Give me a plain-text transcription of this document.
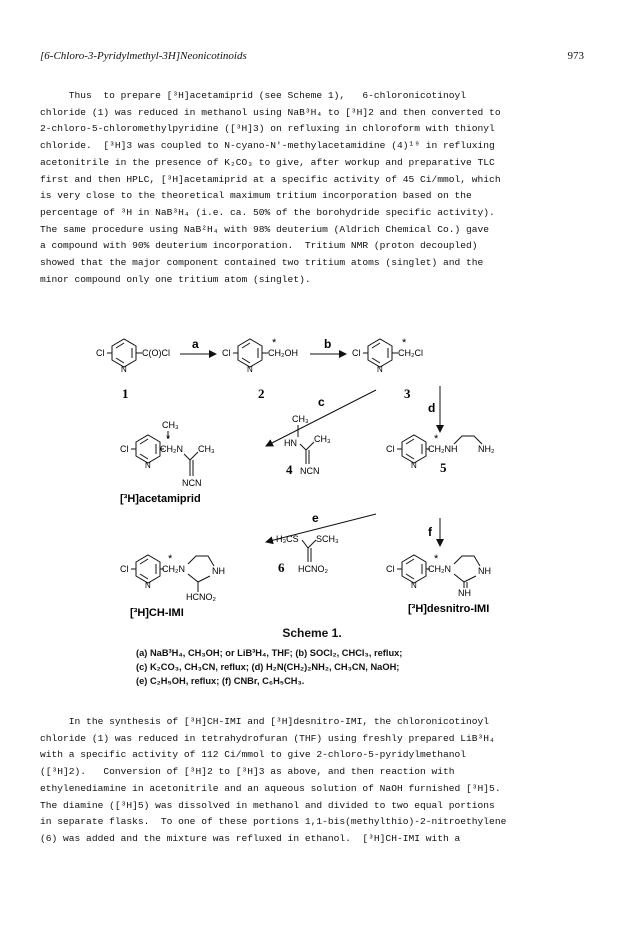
[6-Chloro-3-Pyridylmethyl-3H]Neonicotinoids	973

Thus  to prepare [³H]acetamiprid (see Scheme 1),   6-chloronicotinoyl
chloride (1) was reduced in methanol using NaB³H₄ to [³H]2 and then converted to
2-chloro-5-chloromethylpyridine ([³H]3) on refluxing in chloroform with thionyl
chloride.  [³H]3 was coupled to N-cyano-N'-methylacetamidine (4)¹⁹ in refluxing
acetonitrile in the presence of K₂CO₃ to give, after workup and preparative TLC
first and then HPLC, [³H]acetamiprid at a specific activity of 45 Ci/mmol, which
is very close to the theoretical maximum tritium incorporation based on the
percentage of ³H in NaB³H₄ (i.e. ca. 50% of the borohydride specific activity).
The same procedure using NaB²H₄ with 98% deuterium (Aldrich Chemical Co.) gave
a compound with 90% deuterium incorporation.  Tritium NMR (proton decoupled)
showed that the major component contained two tritium atoms (singlet) and the
minor compound only one tritium atom (singlet).

Cl
N
C(O)Cl
1
a
Cl
N
*
CH₂OH
2
b
Cl
N
*
CH₂Cl
3
c
CH₃
HN CH₃
NCN
4
CH₃
Cl
N
*
CH₂N CH₃
NCN
[³H]acetamiprid
d
Cl
N
*
CH₂NH NH₂
5
e
H₃CS SCH₃
HCNO₂
6
f
Cl
N
*
CH₂N	NH
HCNO₂
[³H]CH-IMI
Cl
N
*
CH₂N	NH
NH
[³H]desnitro-IMI
Scheme 1.
(a) NaB³H₄, CH₃OH; or LiB³H₄, THF; (b) SOCl₂, CHCl₃, reflux;
(c) K₂CO₃, CH₃CN, reflux; (d) H₂N(CH₂)₂NH₂, CH₃CN, NaOH;
(e) C₂H₅OH, reflux; (f) CNBr, C₆H₅CH₃.

In the synthesis of [³H]CH-IMI and [³H]desnitro-IMI, the chloronicotinoyl
chloride (1) was reduced in tetrahydrofuran (THF) using freshly prepared LiB³H₄
with a specific activity of 112 Ci/mmol to give 2-chloro-5-pyridylmethanol
([³H]2).   Conversion of [³H]2 to [³H]3 as above, and then reaction with
ethylenediamine in acetonitrile and an aqueous solution of NaOH furnished [³H]5.
The diamine ([³H]5) was dissolved in methanol and divided to two equal portions
in separate flasks.  To one of these portions 1,1-bis(methylthio)-2-nitroethylene
(6) was added and the mixture was refluxed in ethanol.  [³H]CH-IMI with a
